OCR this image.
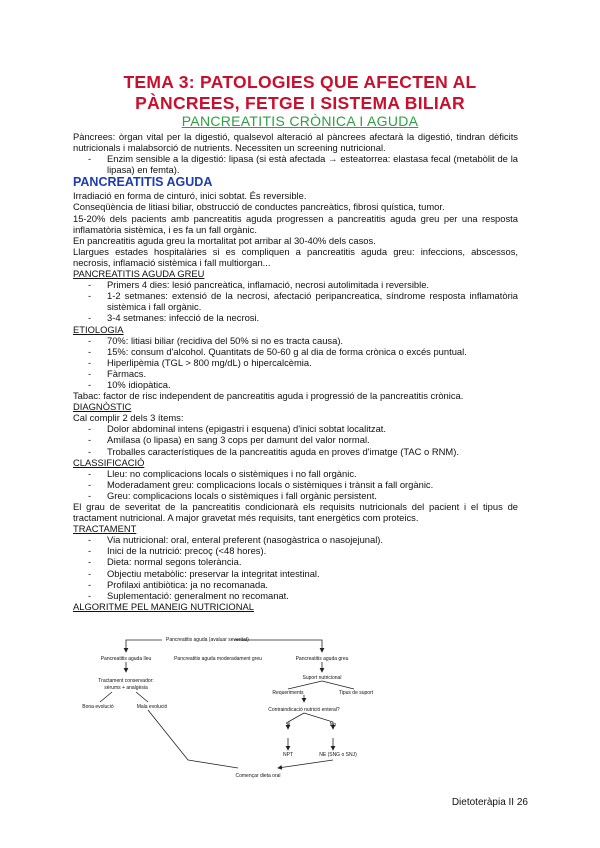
TEMA 3: PATOLOGIES QUE AFECTEN AL
PÀNCREES, FETGE I SISTEMA BILIAR
PANCREATITIS CRÒNICA I AGUDA

Pàncrees: òrgan vital per la digestió, qualsevol alteració al pàncrees afectarà la digestió, tindran dèficits nutricionals i malabsorció de nutrients. Necessiten un screening nutricional.

- Enzim sensible a la digestió: lipasa (si està afectada → esteatorrea: elastasa fecal (metabòlit de la lipasa) en femta).

PANCREATITIS AGUDA

Irradiació en forma de cinturó, inici sobtat. És reversible.

Conseqüència de litiasi biliar, obstrucció de conductes pancreàtics, fibrosi quística, tumor.

15-20% dels pacients amb pancreatitis aguda progressen a pancreatitis aguda greu per una resposta inflamatòria sistèmica, i es fa un fall orgànic.

En pancreatitis aguda greu la mortalitat pot arribar al 30-40% dels casos.

Llargues estades hospitalàries si es compliquen a pancreatitis aguda greu: infeccions, abscessos, necrosis, inflamació sistèmica i fall multiorgan...

PANCREATITIS AGUDA GREU

- Primers 4 dies: lesió pancreàtica, inflamació, necrosi autolimitada i reversible.
- 1-2 setmanes: extensió de la necrosi, afectació peripancreatica, síndrome resposta inflamatòria sistèmica i fall orgànic.
- 3-4 setmanes: infecció de la necrosi.

ETIOLOGIA

- 70%: litiasi biliar (recidiva del 50% si no es tracta causa).
- 15%: consum d'alcohol. Quantitats de 50-60 g al dia de forma crònica o excés puntual.
- Hiperlipèmia (TGL > 800 mg/dL) o hipercalcèmia.
- Fàrmacs.
- 10% idiopàtica.

Tabac: factor de risc independent de pancreatitis aguda i progressió de la pancreatitis crònica.

DIAGNÒSTIC

Cal complir 2 dels 3 ítems:

- Dolor abdominal intens (epigastri i esquena) d'inici sobtat localitzat.
- Amilasa (o lipasa) en sang 3 cops per damunt del valor normal.
- Troballes característiques de la pancreatitis aguda en proves d'imatge (TAC o RNM).

CLASSIFICACIÓ

- Lleu: no complicacions locals o sistèmiques i no fall orgànic.
- Moderadament greu: complicacions locals o sistèmiques i trànsit a fall orgànic.
- Greu: complicacions locals o sistèmiques i fall orgànic persistent.

El grau de severitat de la pancreatitis condicionarà els requisits nutricionals del pacient i el tipus de tractament nutricional. A major gravetat més requisits, tant energètics com proteics.

TRACTAMENT

- Via nutricional: oral, enteral preferent (nasogàstrica o nasojejunal).
- Inici de la nutrició: precoç (<48 hores).
- Dieta: normal segons tolerància.
- Objectiu metabòlic: preservar la integritat intestinal.
- Profilaxi antibiòtica: ja no recomanada.
- Suplementació: generalment no recomanat.

ALGORITME PEL MANEIG NUTRICIONAL

Pancreatitis aguda (avaluar severitat)
Pancreatitis aguda lleu	Pancreatitis aguda moderadament greu	Pancreatitis aguda greu
Tractament conservador:
sèrums + analgèsia
Bona evolució	Mala evolució
Suport nutricional
Requeriments	Tipus de suport
Contraindicació nutrició enteral?
Sí	No
NPT	NE (SNG o SNJ)
Començar dieta oral
Dietoteràpia II 26
